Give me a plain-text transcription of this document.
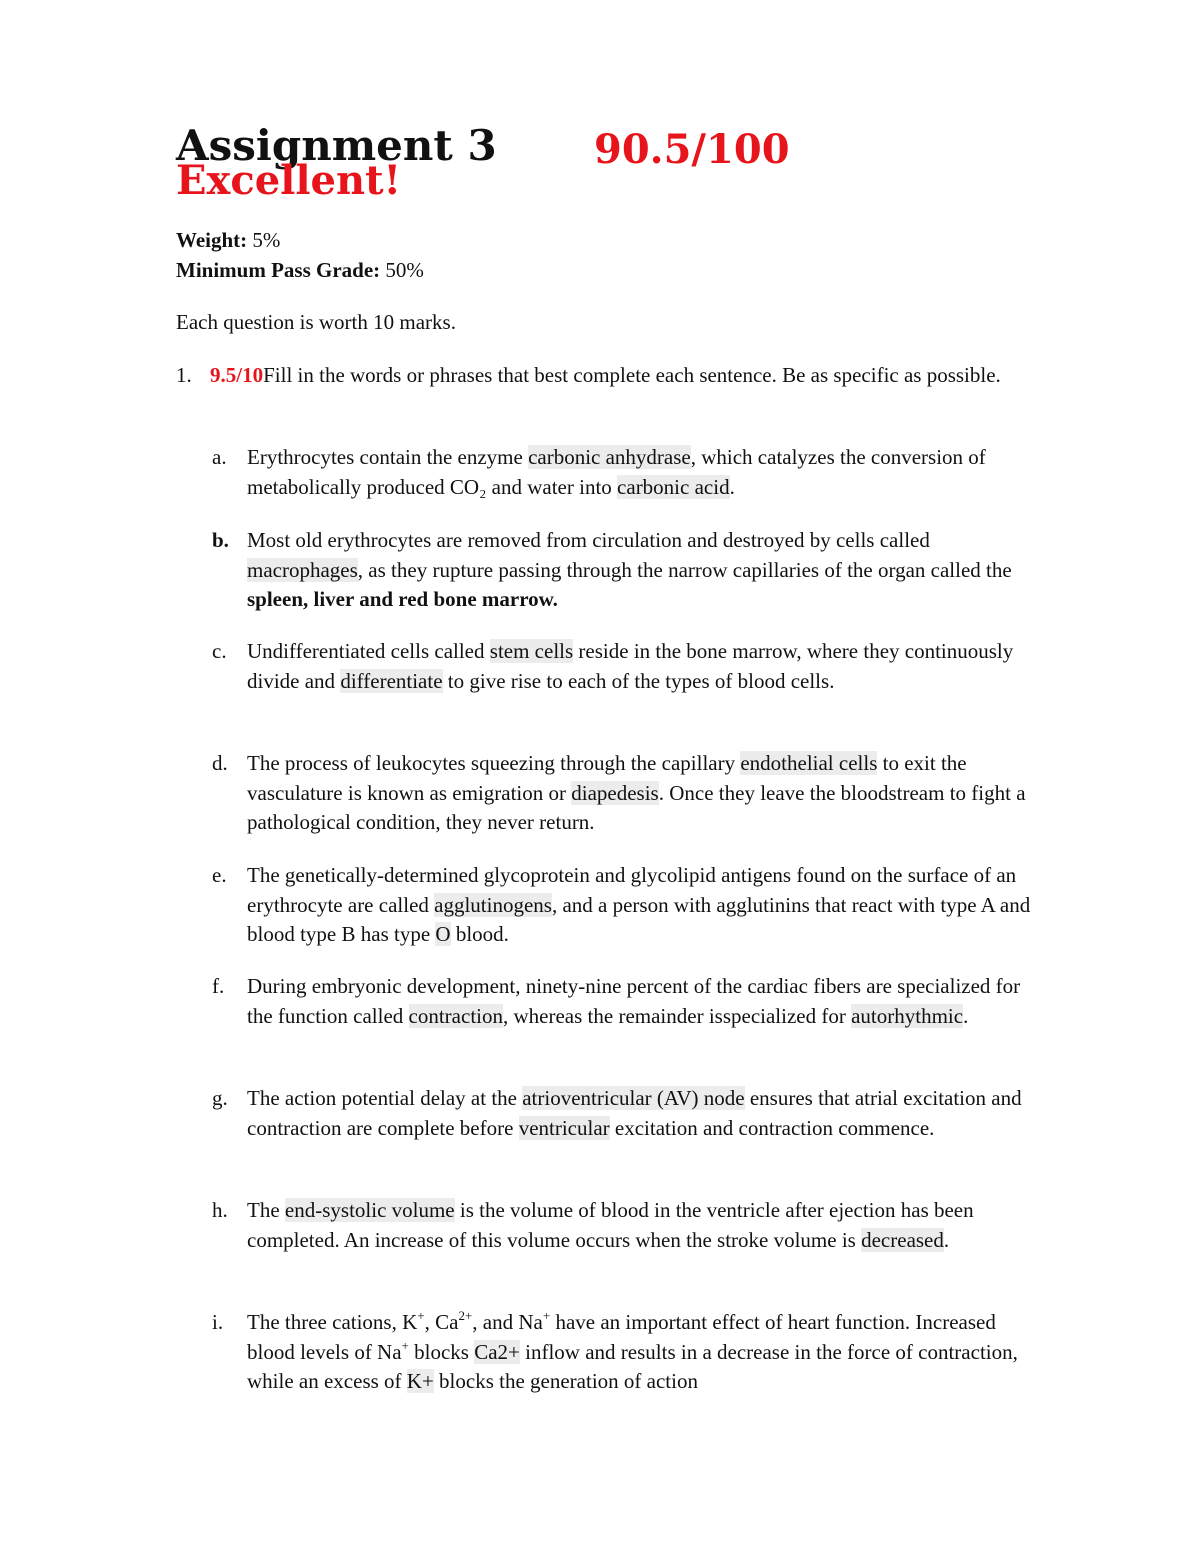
Assignment 3 90.5/100
Excellent!
Weight: 5%
Minimum Pass Grade: 50%
Each question is worth 10 marks.
1. 9.5/10Fill in the words or phrases that best complete each sentence. Be as specific as possible.
a. Erythrocytes contain the enzyme carbonic anhydrase, which catalyzes the conversion of metabolically produced CO₂ and water into carbonic acid.
b. Most old erythrocytes are removed from circulation and destroyed by cells called macrophages, as they rupture passing through the narrow capillaries of the organ called the spleen, liver and red bone marrow.
c. Undifferentiated cells called stem cells reside in the bone marrow, where they continuously divide and differentiate to give rise to each of the types of blood cells.
d. The process of leukocytes squeezing through the capillary endothelial cells to exit the vasculature is known as emigration or diapedesis. Once they leave the bloodstream to fight a pathological condition, they never return.
e. The genetically-determined glycoprotein and glycolipid antigens found on the surface of an erythrocyte are called agglutinogens, and a person with agglutinins that react with type A and blood type B has type O blood.
f. During embryonic development, ninety-nine percent of the cardiac fibers are specialized for the function called contraction, whereas the remainder isspecialized for autorhythmic.
g. The action potential delay at the atrioventricular (AV) node ensures that atrial excitation and contraction are complete before ventricular excitation and contraction commence.
h. The end-systolic volume is the volume of blood in the ventricle after ejection has been completed. An increase of this volume occurs when the stroke volume is decreased.
i. The three cations, K+, $Ca^{2+}$, and Na+ have an important effect of heart function. Increased blood levels of Na+ blocks Ca2+ inflow and results in a decrease in the force of contraction, while an excess of K+ blocks the generation of action
